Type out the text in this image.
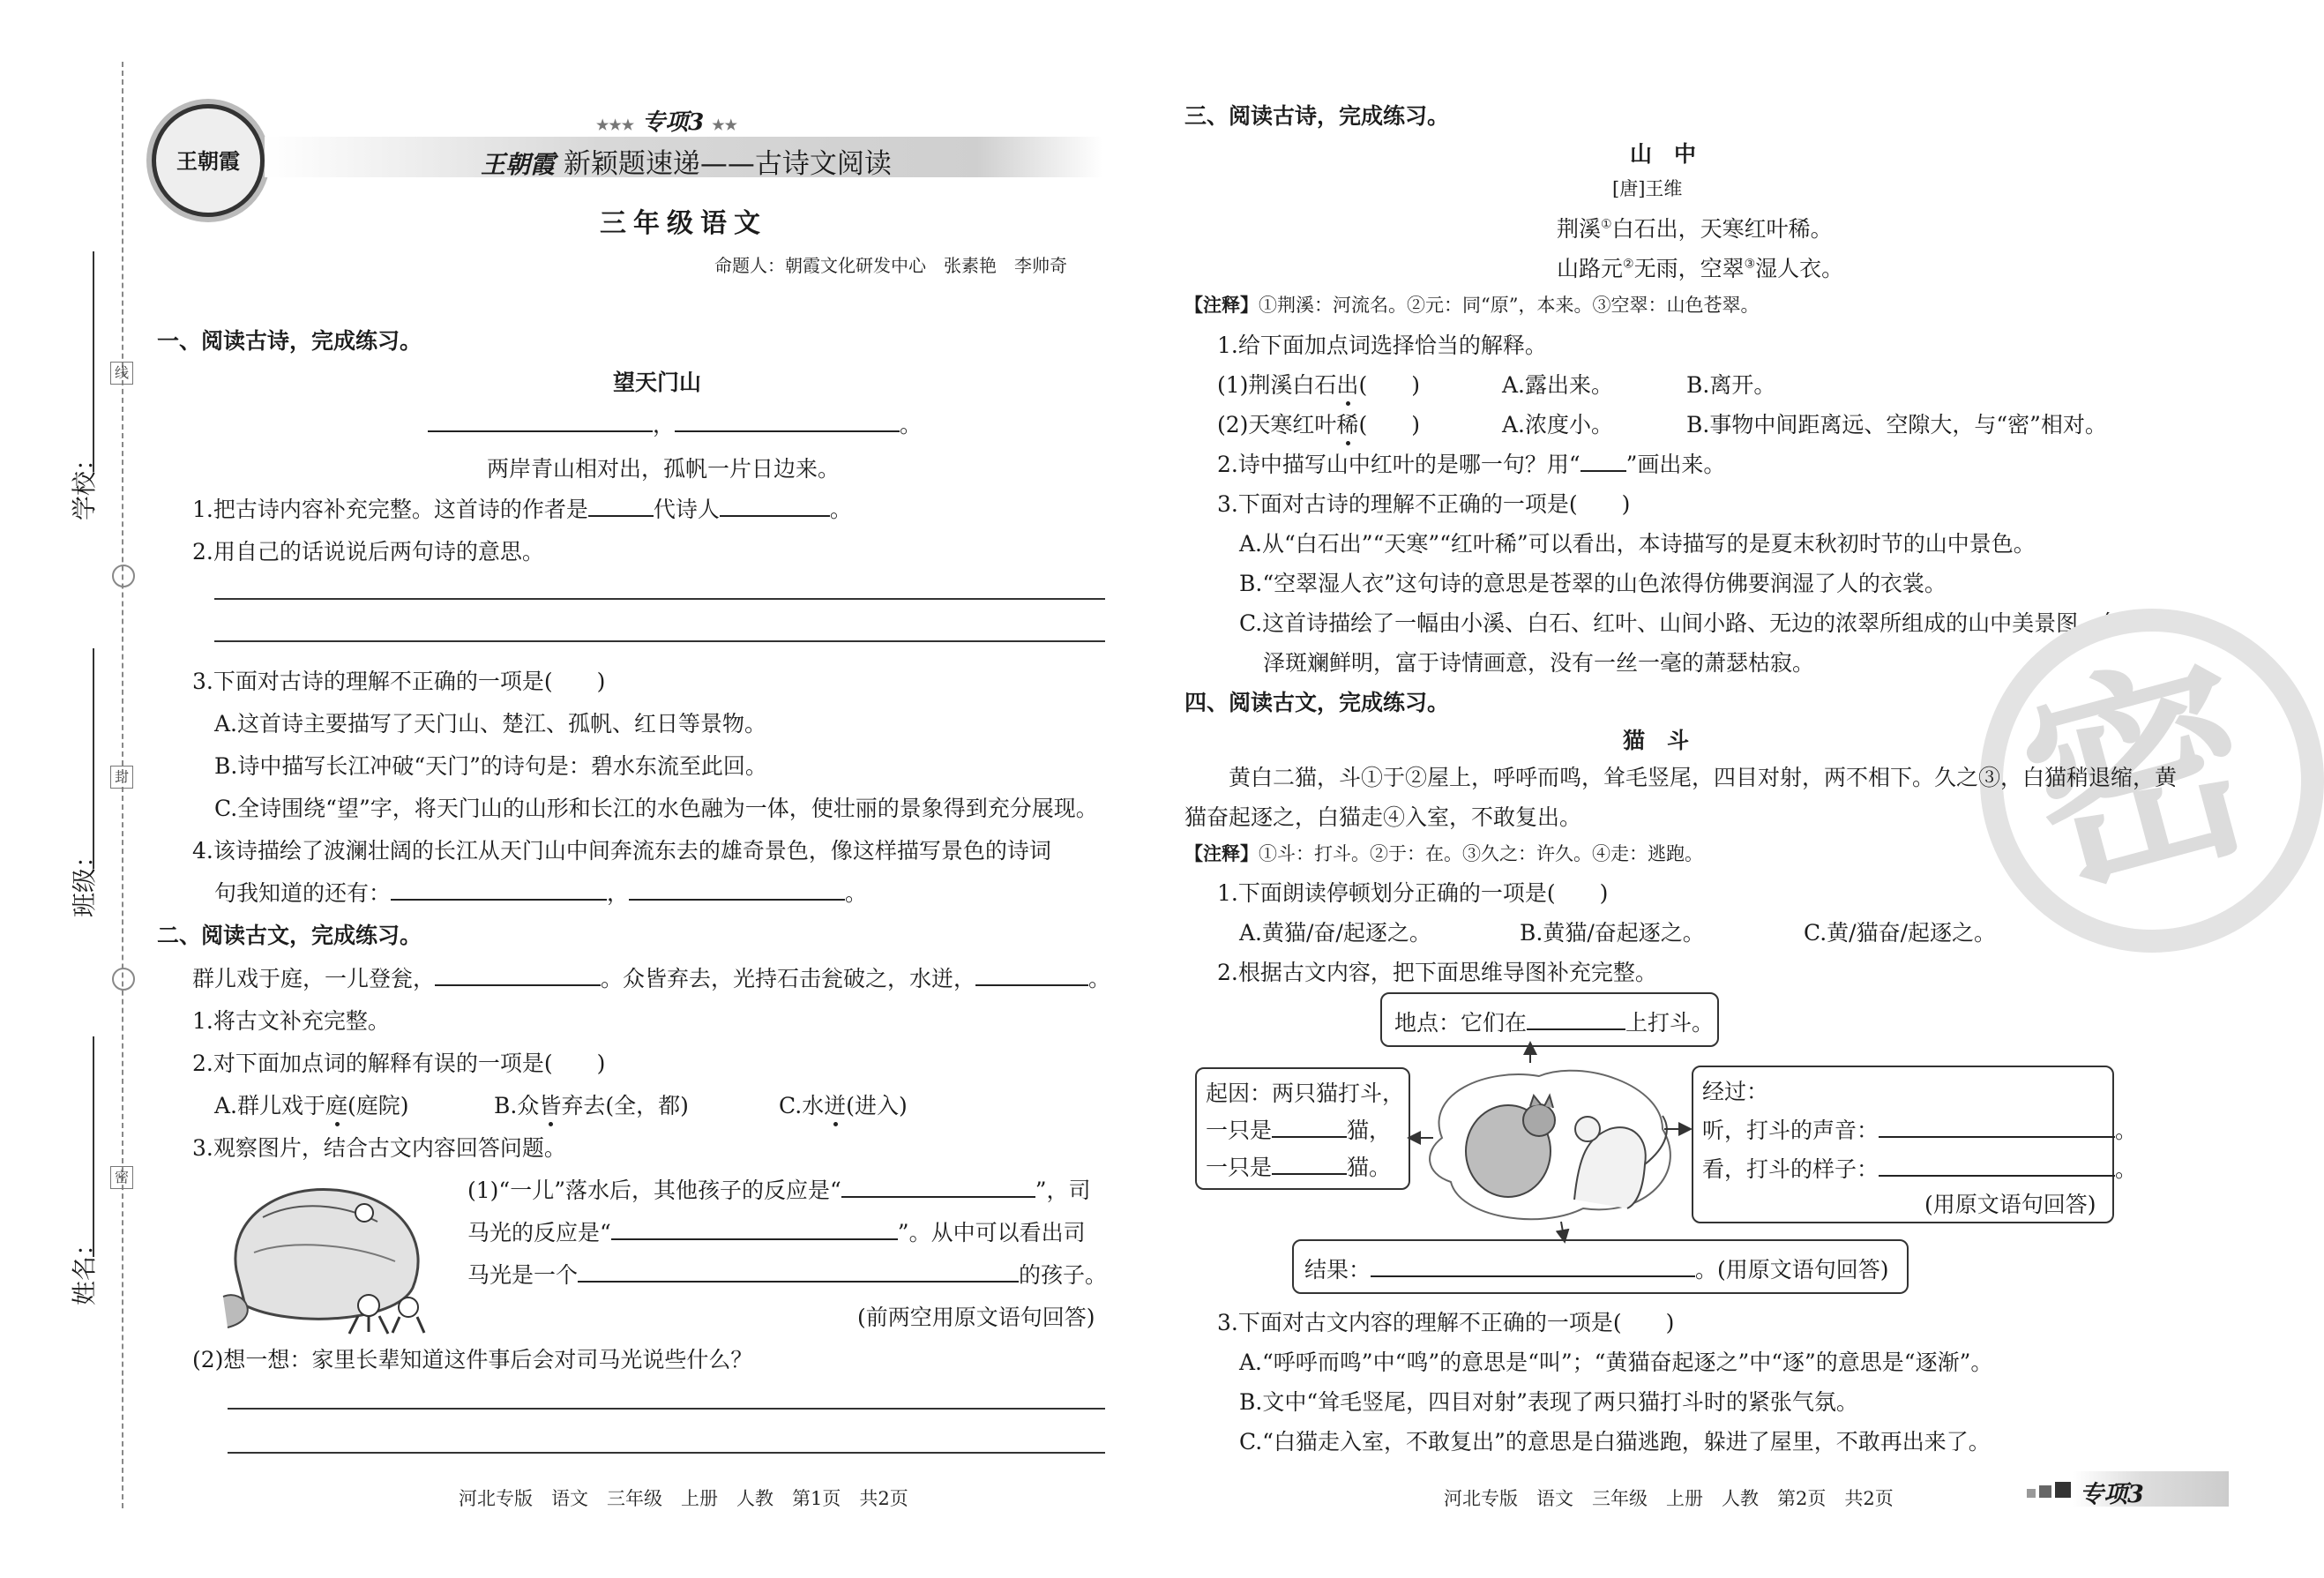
学校：
班级：
姓名：
线
封
密
王朝霞
★★★ 专项3 ★★
王朝霞 新颖题速递——古诗文阅读
三年级语文
命题人：朝霞文化研发中心　张素艳　李帅奇
一、阅读古诗，完成练习。
望天门山
，	。
两岸青山相对出，孤帆一片日边来。
1.把古诗内容补充完整。这首诗的作者是	代诗人	。
2.用自己的话说说后两句诗的意思。
3.下面对古诗的理解不正确的一项是(　　)
A.这首诗主要描写了天门山、楚江、孤帆、红日等景物。
B.诗中描写长江冲破“天门”的诗句是：碧水东流至此回。
C.全诗围绕“望”字，将天门山的山形和长江的水色融为一体，使壮丽的景象得到充分展现。
4.该诗描绘了波澜壮阔的长江从天门山中间奔流东去的雄奇景色，像这样描写景色的诗词
句我知道的还有：	，	。
二、阅读古文，完成练习。
群儿戏于庭，一儿登瓮，	。众皆弃去，光持石击瓮破之，水迸，	。
1.将古文补充完整。
2.对下面加点词的解释有误的一项是(　　)
A.群儿戏于庭(庭院)	B.众皆弃去(全，都)	C.水迸(进入)
3.观察图片，结合古文内容回答问题。
(1)“一儿”落水后，其他孩子的反应是“	”，司
马光的反应是“	”。从中可以看出司
马光是一个	的孩子。
(前两空用原文语句回答)
(2)想一想：家里长辈知道这件事后会对司马光说些什么？
三、阅读古诗，完成练习。
山　中
[唐]王维
荆溪①白石出，天寒红叶稀。
山路元②无雨，空翠③湿人衣。
【注释】①荆溪：河流名。②元：同“原”，本来。③空翠：山色苍翠。
1.给下面加点词选择恰当的解释。
(1)荆溪白石出(　　)	A.露出来。	B.离开。
(2)天寒红叶稀(　　)	A.浓度小。	B.事物中间距离远、空隙大，与“密”相对。
2.诗中描写山中红叶的是哪一句？用“ ”画出来。
3.下面对古诗的理解不正确的一项是(　　)
A.从“白石出”“天寒”“红叶稀”可以看出，本诗描写的是夏末秋初时节的山中景色。
B.“空翠湿人衣”这句诗的意思是苍翠的山色浓得仿佛要润湿了人的衣裳。
C.这首诗描绘了一幅由小溪、白石、红叶、山间小路、无边的浓翠所组成的山中美景图，色
泽斑斓鲜明，富于诗情画意，没有一丝一毫的萧瑟枯寂。 密
四、阅读古文，完成练习。
猫　斗
黄白二猫，斗①于②屋上，呼呼而鸣，耸毛竖尾，四目对射，两不相下。久之③，白猫稍退缩，黄
猫奋起逐之，白猫走④入室，不敢复出。
【注释】①斗：打斗。②于：在。③久之：许久。④走：逃跑。
1.下面朗读停顿划分正确的一项是(　　)
A.黄猫/奋/起逐之。	B.黄猫/奋起逐之。	C.黄/猫奋/起逐之。
2.根据古文内容，把下面思维导图补充完整。
地点：它们在	上打斗。
起因：两只猫打斗，
一只是	猫，
一只是	猫。
经过：
听，打斗的声音：	。
看，打斗的样子：	。
(用原文语句回答)
结果：	。(用原文语句回答)
3.下面对古文内容的理解不正确的一项是(　　)
A.“呼呼而鸣”中“鸣”的意思是“叫”；“黄猫奋起逐之”中“逐”的意思是“逐渐”。
B.文中“耸毛竖尾，四目对射”表现了两只猫打斗时的紧张气氛。
C.“白猫走入室，不敢复出”的意思是白猫逃跑，躲进了屋里，不敢再出来了。
河北专版　语文　三年级　上册　人教　第1页　共2页	河北专版　语文　三年级　上册　人教　第2页　共2页	专项3
